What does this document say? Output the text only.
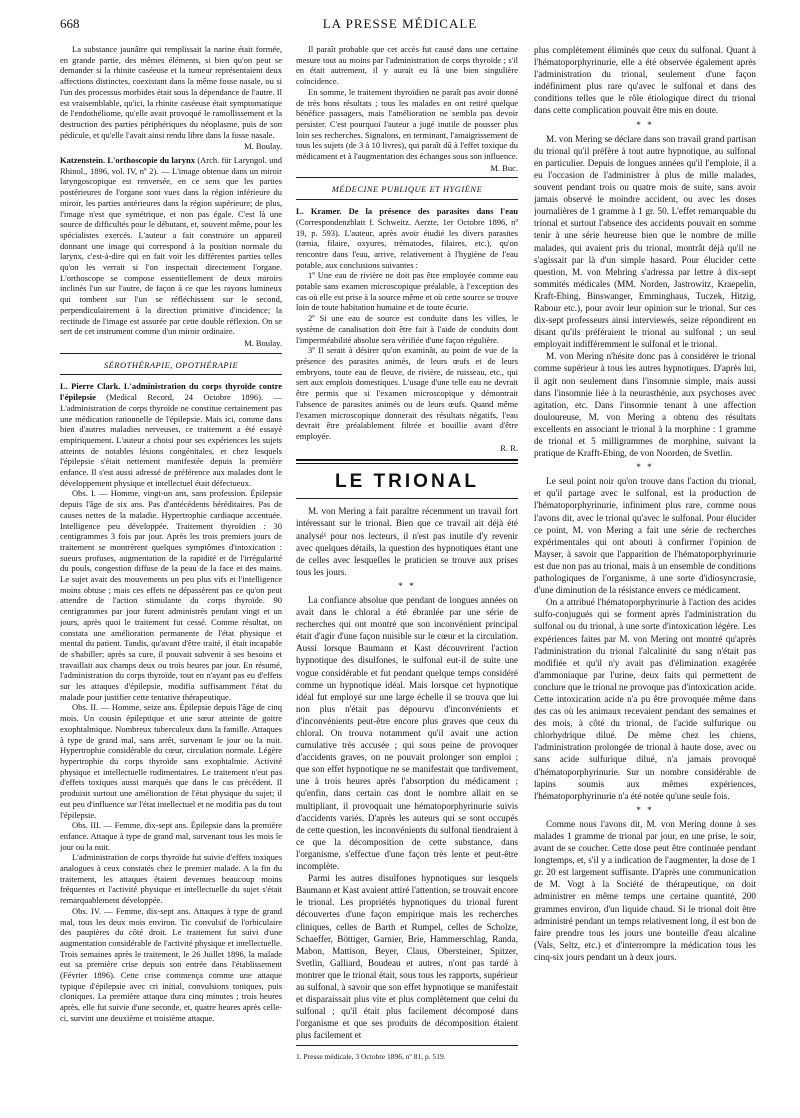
668	LA PRESSE MÉDICALE

La substance jaunâtre qui remplissait la narine était formée, en grande partie, des mêmes éléments, si bien qu'on peut se demander si la rhinite caséeuse et la tumeur représentaient deux affections distinctes, coexistant dans la même fosse nasale, ou si l'un des processus morbides était sous la dépendance de l'autre. Il est vraisemblable, qu'ici, la rhinite caséeuse était symptomatique de l'endothéliome, qu'elle avait provoqué le ramollissement et la destruction des parties périphériques du néoplasme, puis de son pédicule, et qu'elle l'avait ainsi rendu libre dans la fosse nasale.

M. Boulay.

Katzenstein. L'orthoscopie du larynx (Arch. für Laryngol. und Rhinol., 1896, vol. IV, nº 2). — L'image obtenue dans un miroir laryngoscopique est renversée, en ce sens que les parties postérieures de l'organe sont vues dans la région inférieure du miroir, les parties antérieures dans la région supérieure; de plus, l'image n'est que symétrique, et non pas égale. C'est là une source de difficultés pour le débutant, et, souvent même, pour les spécialistes exercés. L'auteur a fait construire un appareil donnant une image qui correspond à la position normale du larynx, c'est-à-dire qui en fait voir les différentes parties telles qu'on les verrait si l'on inspectait directement l'organe. L'orthoscope se compose essentiellement de deux miroirs inclinés l'un sur l'autre, de façon à ce que les rayons lumineux qui tombent sur l'un se réfléchissent sur le second, perpendiculairement à la direction primitive d'incidence; la rectitude de l'image est assurée par cette double réflexion. On se sert de cet instrument comme d'un miroir ordinaire.

M. Boulay.
SÉROTHÉRAPIE, OPOTHÉRAPIE

L. Pierre Clark. L'administration du corps thyroïde contre l'épilepsie (Medical Record, 24 Octobre 1896). — L'administration de corps thyroïde ne constitue certainement pas une médication rationnelle de l'épilepsie. Mais ici, comme dans bien d'autres maladies nerveuses, ce traitement a été essayé empiriquement. L'auteur a choisi pour ses expériences les sujets atteints de notables lésions congénitales, et chez lesquels l'épilepsie s'était nettement manifestée depuis la première enfance. Il s'est aussi adressé de préférence aux malades dont le développement physique et intellectuel était défectueux.

Obs. I. — Homme, vingt-un ans, sans profession. Épilepsie depuis l'âge de six ans. Pas d'antécédents héréditaires. Pas de causes nettes de la maladie. Hypertrophie cardiaque accentuée. Intelligence peu développée. Traitement thyroïdien : 30 centigrammes 3 fois par jour. Après les trois premiers jours de traitement se montrèrent quelques symptômes d'intoxication : sueurs profuses, augmentation de la rapidité et de l'irrégularité du pouls, congestion diffuse de la peau de la face et des mains. Le sujet avait des mouvements un peu plus vifs et l'intelligence moins obtuse ; mais ces effets ne dépassèrent pas ce qu'on peut attendre de l'action stimulante du corps thyroïde. 90 centigrammes par jour furent administrés pendant vingt et un jours, après quoi le traitement fut cessé. Comme résultat, on constata une amélioration permanente de l'état physique et mental du patient. Tandis, qu'avant d'être traité, il était incapable de s'habiller; après sa cure, il pouvait subvenir à ses besoins et travaillait aux champs deux ou trois heures par jour. En résumé, l'administration du corps thyroïde, tout en n'ayant pas eu d'effets sur les attaques d'épilepsie, modifia suffisamment l'état du malade pour justifier cette tentative thérapeutique.

Obs. II. — Homme, seize ans. Épilepsie depuis l'âge de cinq mois. Un cousin épileptique et une sœur atteinte de goitre exophtalmique. Nombreux tuberculeux dans la famille. Attaques à type de grand mal, sans arrêt, survenant le jour ou la nuit. Hypertrophie considérable du cœur, circulation normale. Légère hypertrophie du corps thyroïde sans exophtalmie. Activité physique et intellectuelle rudimentaires. Le traitement n'eut pas d'effets toxiques aussi marqués que dans le cas précédent. Il produisit surtout une amélioration de l'état physique du sujet; il eut peu d'influence sur l'état intellectuel et ne modifia pas du tout l'épilepsie.

Obs. III. — Femme, dix-sept ans. Épilepsie dans la première enfance. Attaque à type de grand mal, survenant tous les mois le jour ou la nuit.

L'administration de corps thyroïde fut suivie d'effets toxiques analogues à ceux constatés chez le premier malade. A la fin du traitement, les attaques étaient devenues beaucoup moins fréquentes et l'activité physique et intellectuelle du sujet s'était remarquablement développée.

Obs. IV. — Femme, dix-sept ans. Attaques à type de grand mal, tous les deux mois environ. Tic convulsif de l'orbiculaire des paupières du côté droit. Le traitement fut suivi d'une augmentation considérable de l'activité physique et intellectuelle. Trois semaines après le traitement, le 26 Juillet 1896, la malade eut sa première crise depuis son entrée dans l'établissement (Février 1896). Cette crise commença comme une attaque typique d'épilepsie avec cri initial, convulsions toniques, puis cloniques. La première attaque dura cinq minutes ; trois heures après, elle fut suivie d'une seconde, et, quatre heures après celle-ci, survint une deuxième et troisième attaque.

Il paraît probable que cet accès fut causé dans une certaine mesure tout au moins par l'administration de corps thyroïde ; s'il en était autrement, il y aurait eu là une bien singulière coïncidence.

En somme, le traitement thyroïdien ne paraît pas avoir donné de très bons résultats ; tous les malades en ont retiré quelque bénéfice passagers, mais l'amélioration ne sembla pas devoir persister. C'est pourquoi l'auteur a jugé inutile de pousser plus loin ses recherches. Signalons, en terminant, l'amaigrissement de tous les sujets (de 3 à 10 livres), qui paraît dû à l'effet toxique du médicament et à l'augmentation des échanges sous son influence.

M. Buc.
MÉDECINE PUBLIQUE ET HYGIÈNE

L. Kramer. De la présence des parasites dans l'eau (Correspondenzblatt f. Schweitz. Aerzte, 1er Octobre 1896, nº 19, p. 593). L'auteur, après avoir étudié les divers parasites (tænia, filaire, oxyures, trématodes, filaires, etc.), qu'on rencontre dans l'eau, arrive, relativement à l'hygiène de l'eau potable, aux conclusions suivantes :

1º Une eau de rivière ne doit pas être employée comme eau potable sans examen microscopique préalable, à l'exception des cas où elle est prise à la source même et où cette source se trouve loin de toute habitation humaine et de toute écurie.

2º Si une eau de source est conduite dans les villes, le système de canalisation doit être fait à l'aide de conduits dont l'imperméabilité absolue sera vérifiée d'une façon régulière.

3º Il serait à désirer qu'on examinât, au point de vue de la présence des parasites animés, de leurs œufs et de leurs embryons, toute eau de fleuve, de rivière, de ruisseau, etc., qui sert aux emplois domestiques. L'usage d'une telle eau ne devrait être permis que si l'examen microscopique y démontrait l'absence de parasites animés ou de leurs œufs. Quand même l'examen microscopique donnerait des résultats négatifs, l'eau devrait être préalablement filtrée et bouillie avant d'être employée.

R. R.
LE TRIONAL

M. von Mering a fait paraître récemment un travail fort intéressant sur le trional. Bien que ce travail ait déjà été analysé¹ pour nos lecteurs, il n'est pas inutile d'y revenir avec quelques détails, la question des hypnotiques étant une de celles avec lesquelles le praticien se trouve aux prises tous les jours.

* *

La confiance absolue que pendant de longues années on avait dans le chloral a été ébranlée par une série de recherches qui ont montré que son inconvénient principal était d'agir d'une façon nuisible sur le cœur et la circulation. Aussi lorsque Baumann et Kast découvrirent l'action hypnotique des disulfones, le sulfonal eut-il de suite une vogue considérable et fut pendant quelque temps considéré comme un hypnotique idéal. Mais lorsque cet hypnotique idéal fut employé sur une large échelle il se trouva que lui non plus n'était pas dépourvu d'inconvénients et d'inconvénients peut-être encore plus graves que ceux du chloral. On trouva notamment qu'il avait une action cumulative très accusée ; qui sous peine de provoquer d'accidents graves, on ne pouvait prolonger son emploi ; que son effet hypnotique ne se manifestait que tardivement, une à trois heures après l'absorption du médicament ; qu'enfin, dans certain cas dont le nombre allait en se multipliant, il provoquait une hématoporphyrinurie suivis d'accidents variés. D'après les auteurs qui se sont occupés de cette question, les inconvénients du sulfonal tiendraient à ce que la décomposition de cette substance, dans l'organisme, s'effectue d'une façon très lente et peut-être incomplète.

Parmi les autres disulfones hypnotiques sur lesquels Baumann et Kast avaient attiré l'attention, se trouvait encore le trional. Les propriétés hypnotiques du trional furent découvertes d'une façon empirique mais les recherches cliniques, celles de Barth et Rumpel, celles de Scholze, Schaeffer, Böttiger, Garnier, Brie, Hammerschlag, Randa, Mabon, Mattison, Beyer, Claus, Obersteiner, Spitzer, Svetlin, Galliard, Boudeau et autres, n'ont pas tardé à montrer que le trional était, sous tous les rapports, supérieur au sulfonal, à savoir que son effet hypnotique se manifestait et disparaissait plus vite et plus complètement que celui du sulfonal ; qu'il était plus facilement décomposé dans l'organisme et que ses produits de décomposition étaient plus facilement et

1. Presse médicale, 3 Octobre 1896, nº 81, p. 519.

plus complètement éliminés que ceux du sulfonal. Quant à l'hématoporphyrinurie, elle a été observée également après l'administration du trional, seulement d'une façon indéfiniment plus rare qu'avec le sulfonal et dans des conditions telles que le rôle étiologique direct du trional dans cette complication pouvait être mis en doute.

* *

M. von Mering se déclare dans son travail grand partisan du trional qu'il préfère à tout autre hypnotique, au sulfonal en particulier. Depuis de longues années qu'il l'emploie, il a eu l'occasion de l'administrer à plus de mille malades, souvent pendant trois ou quatre mois de suite, sans avoir jamais observé le moindre accident, ou avec les doses journalières de 1 gramme à 1 gr. 50. L'effet remarquable du trional et surtout l'absence des accidents pouvait en somme tenir à une série heureuse bien que le nombre de mille malades, qui avaient pris du trional, montrât déjà qu'il ne s'agissait par là d'un simple hasard. Pour élucider cette question, M. von Mehring s'adressa par lettre à dix-sept sommités médicales (MM. Norden, Jastrowitz, Kraepelin, Kraft-Ebing, Binswanger, Emminghaus, Tuczek, Hitzig, Rabour etc.), pour avoir leur opinion sur le trional. Sur ces dix-sept professeurs ainsi interviewés, seize répondirent en disant qu'ils préféraient le trional au sulfonal ; un seul employait indifféremment le sulfonal et le trional.

M. von Mering n'hésite donc pas à considérer le trional comme supérieur à tous les autres hypnotiques. D'après lui, il agit non seulement dans l'insomnie simple, mais aussi dans l'insomnie liée à la neurasthénie, aux psychoses avec agitation, etc. Dans l'insomnie tenant à une affection douloureuse, M. von Mering a obtenu des résultats excellents en associant le trional à la morphine : 1 gramme de trional et 5 milligrammes de morphine, suivant la pratique de Krafft-Ebing, de von Noorden, de Svetlin.

* *

Le seul point noir qu'on trouve dans l'action du trional, et qu'il partage avec le sulfonal, est la production de l'hématoporphyrinurie, infiniment plus rare, comme nous l'avons dit, avec le trional qu'avec le sulfonal. Pour élucider ce point, M. von Mering a fait une série de recherches expérimentales qui ont abouti à confirmer l'opinion de Mayser, à savoir que l'apparition de l'hématoporphyrinurie est due non pas au trional, mais à un ensemble de conditions pathologiques de l'organisme, à une sorte d'idiosyncrasie, d'une diminution de la résistance envers ce médicament.

On a attribué l'hématoporphyrinurie à l'action des acides sulfo-conjugués qui se forment après l'administration du sulfonal ou du trional, à une sorte d'intoxication légère. Les expériences faites par M. von Mering ont montré qu'après l'administration du trional l'alcalinité du sang n'était pas modifiée et qu'il n'y avait pas d'élimination exagérée d'ammoniaque par l'urine, deux faits qui permettent de conclure que le trional ne provoque pas d'intoxication acide. Cette intoxication acide n'a pu être provoquée même dans des cas où les animaux recevaient pendant des semaines et des mois, à côté du trional, de l'acide sulfurique ou chlorhydrique dilué. De même chez les chiens, l'administration prolongée de trional à haute dose, avec ou sans acide sulfurique dilué, n'a jamais provoqué d'hématoporphyrinurie. Sur un nombre considérable de lapins soumis aux mêmes expériences, l'hématoporphyrinurie n'a été notée qu'une seule fois.

* *

Comme nous l'avons dit, M. von Mering donne à ses malades 1 gramme de trional par jour, en une prise, le soir, avant de se coucher. Cette dose peut être continuée pendant longtemps, et, s'il y a indication de l'augmenter, la dose de 1 gr. 20 est largement suffisante. D'après une communication de M. Vogt à la Société de thérapeutique, on doit administrer en même temps une certaine quantité, 200 grammes environ, d'un liquide chaud. Si le trional doit être administré pendant un temps relativement long, il est bon de faire prendre tous les jours une bouteille d'eau alcaline (Vals, Seltz, etc.) et d'interrompre la médication tous les cinq-six jours pendant un à deux jours.
